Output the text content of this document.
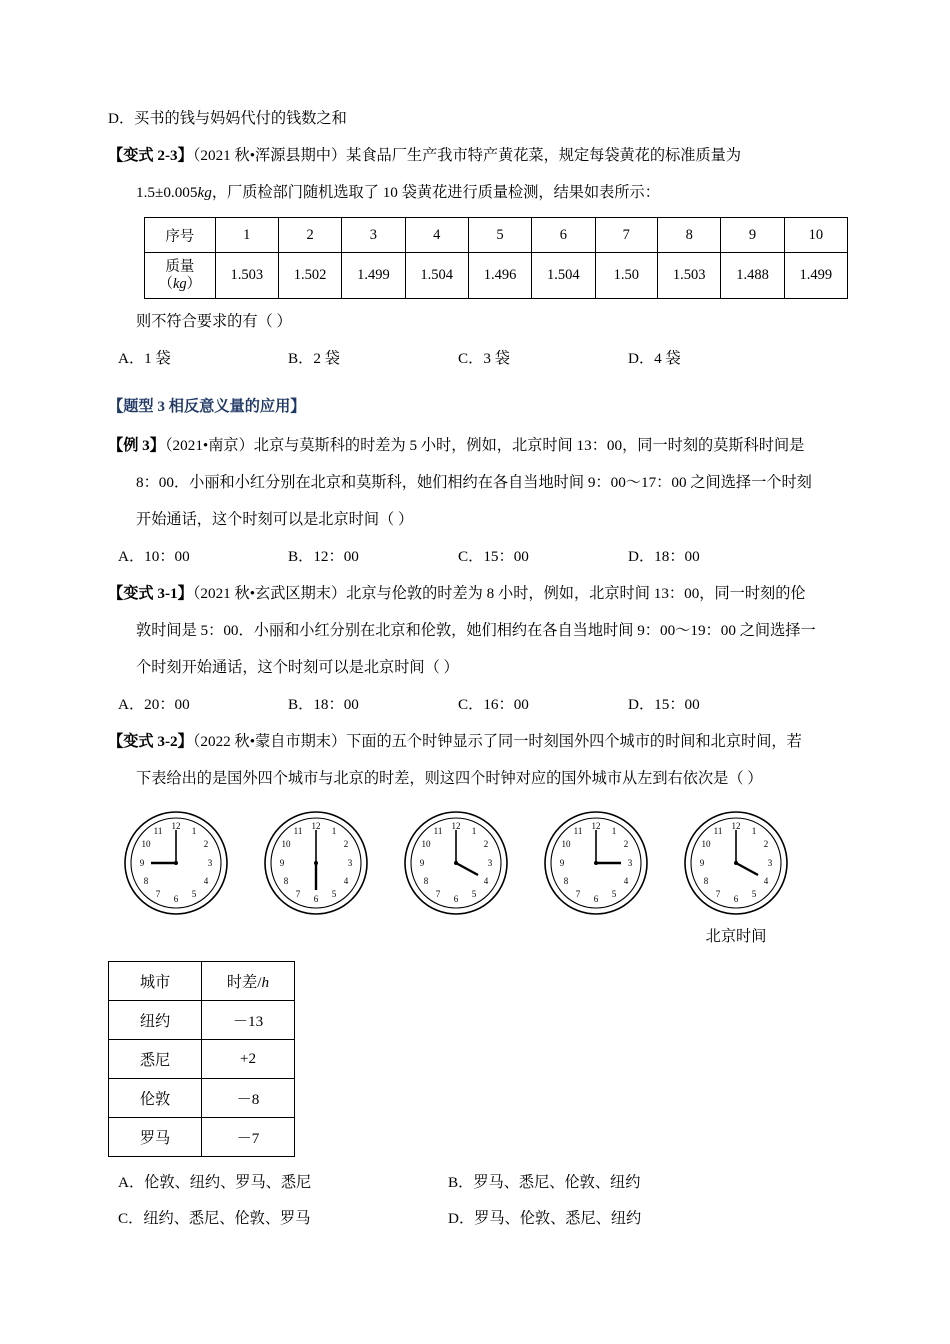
D．买书的钱与妈妈代付的钱数之和
【变式 2-3】（2021 秋•浑源县期中）某食品厂生产我市特产黄花菜，规定每袋黄花的标准质量为
1.5±0.005kg，厂质检部门随机选取了 10 袋黄花进行质量检测，结果如表所示：
序号	1	2	3	4	5	6	7	8	9	10
质量
（kg）	1.503	1.502	1.499	1.504	1.496	1.504	1.50	1.503	1.488	1.499
则不符合要求的有（ ）
A．1 袋	B．2 袋	C．3 袋	D．4 袋
【题型 3 相反意义量的应用】
【例 3】（2021•南京）北京与莫斯科的时差为 5 小时，例如，北京时间 13：00，同一时刻的莫斯科时间是
8：00．小丽和小红分别在北京和莫斯科，她们相约在各自当地时间 9：00～17：00 之间选择一个时刻
开始通话，这个时刻可以是北京时间（ ）
A．10：00	B．12：00	C．15：00	D．18：00
【变式 3-1】（2021 秋•玄武区期末）北京与伦敦的时差为 8 小时，例如，北京时间 13：00，同一时刻的伦
敦时间是 5：00．小丽和小红分别在北京和伦敦，她们相约在各自当地时间 9：00～19：00 之间选择一
个时刻开始通话，这个时刻可以是北京时间（ ）
A．20：00	B．18：00	C．16：00	D．15：00
【变式 3-2】（2022 秋•蒙自市期末）下面的五个时钟显示了同一时刻国外四个城市的时间和北京时间，若
下表给出的是国外四个城市与北京的时差，则这四个时钟对应的国外城市从左到右依次是（ ）
12 1
2
3
4
5
6
7
8
9
10
11	12 1
2
3
4
5
6
7
8
9
10
11	12 1
2
3
4
5
6
7
8
9
10
11	12 1
2
3
4
5
6
7
8
9
10
11	12 1
2
3
4
5
6
7
8
9
10
11
北京时间
城市	时差/h
纽约	－13
悉尼	+2
伦敦	－8
罗马	－7
A．伦敦、纽约、罗马、悉尼	B．罗马、悉尼、伦敦、纽约
C．纽约、悉尼、伦敦、罗马	D．罗马、伦敦、悉尼、纽约
